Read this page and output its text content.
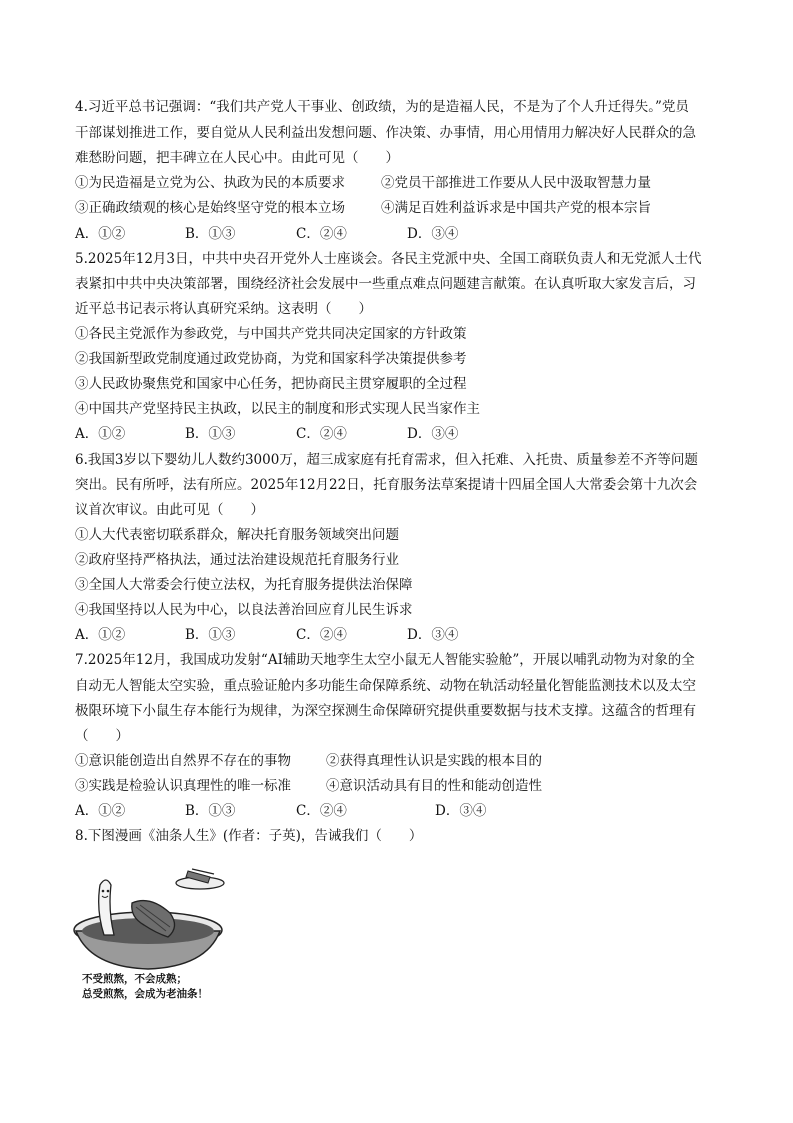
4.习近平总书记强调：“我们共产党人干事业、创政绩，为的是造福人民，不是为了个人升迁得失。”党员
干部谋划推进工作，要自觉从人民利益出发想问题、作决策、办事情，用心用情用力解决好人民群众的急
难愁盼问题，把丰碑立在人民心中。由此可见（　　）
①为民造福是立党为公、执政为民的本质要求	②党员干部推进工作要从人民中汲取智慧力量
③正确政绩观的核心是始终坚守党的根本立场	④满足百姓利益诉求是中国共产党的根本宗旨
A．①②	B．①③	C．②④	D．③④
5.2025年12月3日，中共中央召开党外人士座谈会。各民主党派中央、全国工商联负责人和无党派人士代
表紧扣中共中央决策部署，围绕经济社会发展中一些重点难点问题建言献策。在认真听取大家发言后，习
近平总书记表示将认真研究采纳。这表明（　　）
①各民主党派作为参政党，与中国共产党共同决定国家的方针政策
②我国新型政党制度通过政党协商，为党和国家科学决策提供参考
③人民政协聚焦党和国家中心任务，把协商民主贯穿履职的全过程
④中国共产党坚持民主执政，以民主的制度和形式实现人民当家作主
A．①②	B．①③	C．②④	D．③④
6.我国3岁以下婴幼儿人数约3000万，超三成家庭有托育需求，但入托难、入托贵、质量参差不齐等问题
突出。民有所呼，法有所应。2025年12月22日，托育服务法草案提请十四届全国人大常委会第十九次会
议首次审议。由此可见（　　）
①人大代表密切联系群众，解决托育服务领域突出问题
②政府坚持严格执法，通过法治建设规范托育服务行业
③全国人大常委会行使立法权，为托育服务提供法治保障
④我国坚持以人民为中心，以良法善治回应育儿民生诉求
A．①②	B．①③	C．②④	D．③④
7.2025年12月，我国成功发射“AI辅助天地孪生太空小鼠无人智能实验舱”，开展以哺乳动物为对象的全
自动无人智能太空实验，重点验证舱内多功能生命保障系统、动物在轨活动轻量化智能监测技术以及太空
极限环境下小鼠生存本能行为规律，为深空探测生命保障研究提供重要数据与技术支撑。这蕴含的哲理有
（　　）
①意识能创造出自然界不存在的事物	②获得真理性认识是实践的根本目的
③实践是检验认识真理性的唯一标准	④意识活动具有目的性和能动创造性
A．①②	B．①③	C．②④	D．③④
8.下图漫画《油条人生》(作者：子英)，告诫我们（　　）
不受煎熬，不会成熟；
总受煎熬，会成为老油条！
